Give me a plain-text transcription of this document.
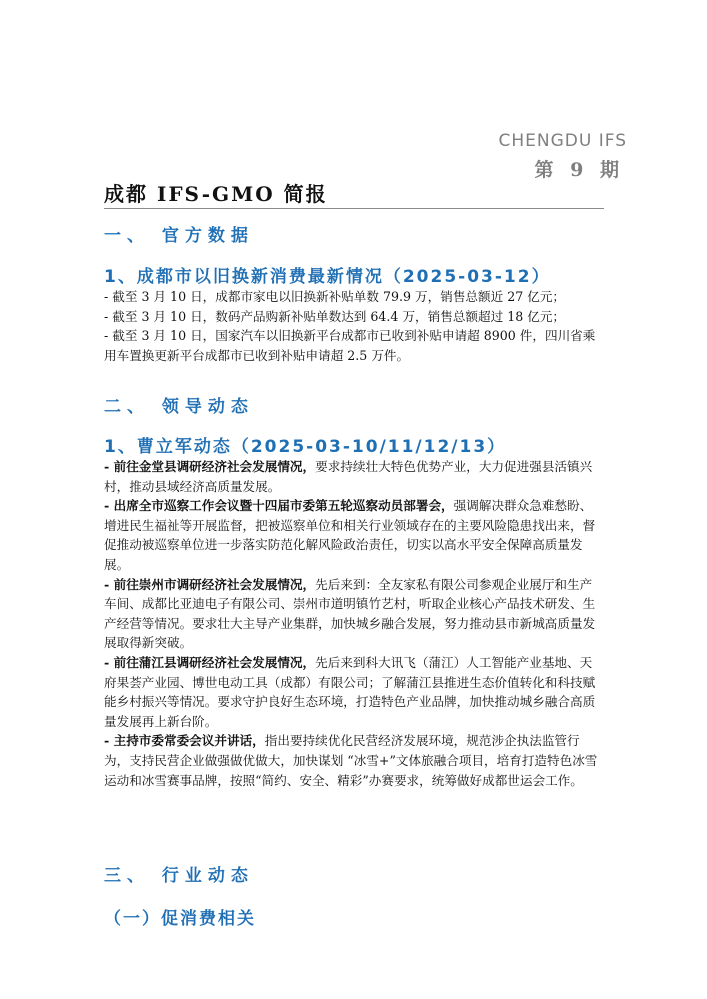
CHENGDU IFS
第 9 期
成都 IFS-GMO 简报
一、 官方数据
1、成都市以旧换新消费最新情况（2025-03-12）

- 截至 3 月 10 日，成都市家电以旧换新补贴单数 79.9 万，销售总额近 27 亿元；

- 截至 3 月 10 日，数码产品购新补贴单数达到 64.4 万，销售总额超过 18 亿元；

- 截至 3 月 10 日，国家汽车以旧换新平台成都市已收到补贴申请超 8900 件，四川省乘用车置换更新平台成都市已收到补贴申请超 2.5 万件。

二、 领导动态
1、曹立军动态（2025-03-10/11/12/13）

- 前往金堂县调研经济社会发展情况，要求持续壮大特色优势产业，大力促进强县活镇兴村，推动县域经济高质量发展。

- 出席全市巡察工作会议暨十四届市委第五轮巡察动员部署会，强调解决群众急难愁盼、增进民生福祉等开展监督，把被巡察单位和相关行业领域存在的主要风险隐患找出来，督促推动被巡察单位进一步落实防范化解风险政治责任，切实以高水平安全保障高质量发展。

- 前往崇州市调研经济社会发展情况，先后来到：全友家私有限公司参观企业展厅和生产车间、成都比亚迪电子有限公司、崇州市道明镇竹艺村，听取企业核心产品技术研发、生产经营等情况。要求壮大主导产业集群，加快城乡融合发展，努力推动县市新城高质量发展取得新突破。

- 前往蒲江县调研经济社会发展情况，先后来到科大讯飞（蒲江）人工智能产业基地、天府果荟产业园、博世电动工具（成都）有限公司；了解蒲江县推进生态价值转化和科技赋能乡村振兴等情况。要求守护良好生态环境，打造特色产业品牌，加快推动城乡融合高质量发展再上新台阶。

- 主持市委常委会议并讲话，指出要持续优化民营经济发展环境，规范涉企执法监管行为，支持民营企业做强做优做大，加快谋划 “冰雪+”文体旅融合项目，培育打造特色冰雪运动和冰雪赛事品牌，按照“简约、安全、精彩”办赛要求，统筹做好成都世运会工作。

三、 行业动态
（一）促消费相关
